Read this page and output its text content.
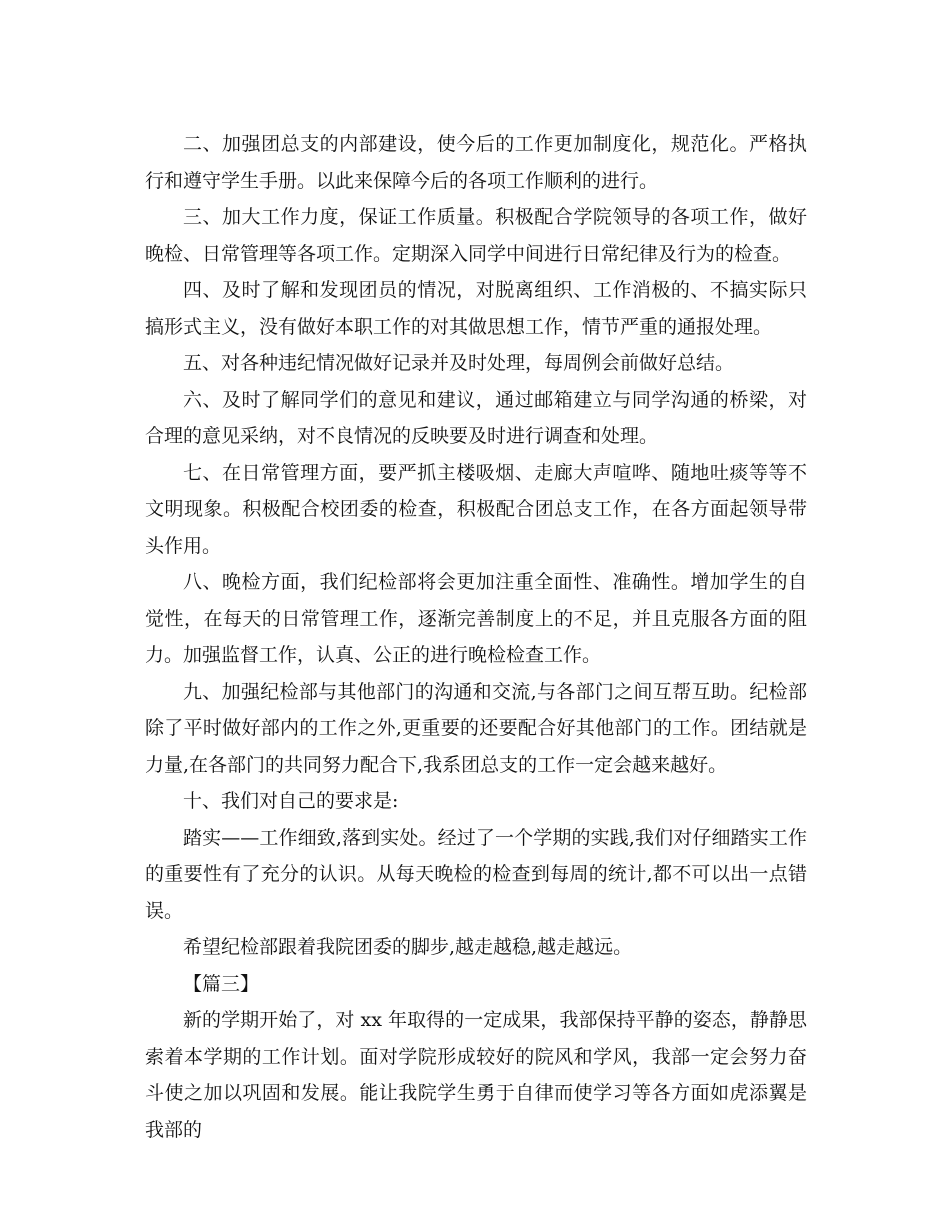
二、加强团总支的内部建设，使今后的工作更加制度化，规范化。严格执行和遵守学生手册。以此来保障今后的各项工作顺利的进行。

三、加大工作力度，保证工作质量。积极配合学院领导的各项工作，做好晚检、日常管理等各项工作。定期深入同学中间进行日常纪律及行为的检查。

四、及时了解和发现团员的情况，对脱离组织、工作消极的、不搞实际只搞形式主义，没有做好本职工作的对其做思想工作，情节严重的通报处理。

五、对各种违纪情况做好记录并及时处理，每周例会前做好总结。

六、及时了解同学们的意见和建议，通过邮箱建立与同学沟通的桥梁，对合理的意见采纳，对不良情况的反映要及时进行调查和处理。

七、在日常管理方面，要严抓主楼吸烟、走廊大声喧哗、随地吐痰等等不文明现象。积极配合校团委的检查，积极配合团总支工作，在各方面起领导带头作用。

八、晚检方面，我们纪检部将会更加注重全面性、准确性。增加学生的自觉性，在每天的日常管理工作，逐渐完善制度上的不足，并且克服各方面的阻力。加强监督工作，认真、公正的进行晚检检查工作。

九、加强纪检部与其他部门的沟通和交流,与各部门之间互帮互助。纪检部除了平时做好部内的工作之外,更重要的还要配合好其他部门的工作。团结就是力量,在各部门的共同努力配合下,我系团总支的工作一定会越来越好。

十、我们对自己的要求是:

踏实——工作细致,落到实处。经过了一个学期的实践,我们对仔细踏实工作的重要性有了充分的认识。从每天晚检的检查到每周的统计,都不可以出一点错误。

希望纪检部跟着我院团委的脚步,越走越稳,越走越远。

【篇三】

新的学期开始了，对 xx 年取得的一定成果，我部保持平静的姿态，静静思索着本学期的工作计划。面对学院形成较好的院风和学风，我部一定会努力奋斗使之加以巩固和发展。能让我院学生勇于自律而使学习等各方面如虎添翼是我部的
